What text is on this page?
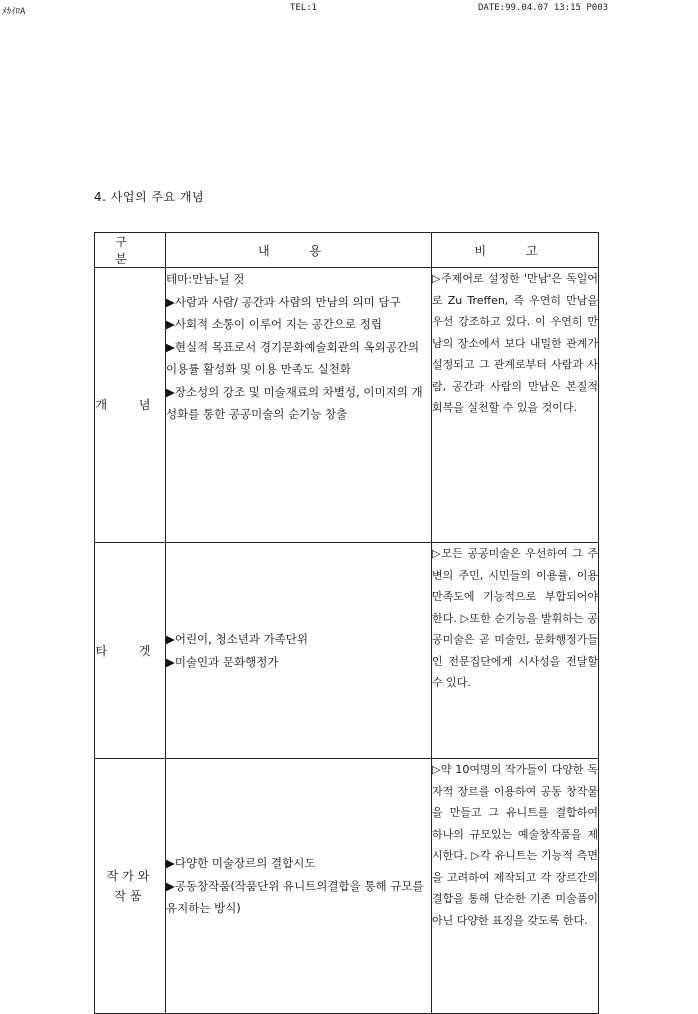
ﾒｶｲﾛA	TEL:1	DATE:99.04.07 13:15 P003
4. 사업의 주요 개념
구 분	내 용	비 고
개 념	테마:만남-닐 것
▶사람과 사람/ 공간과 사람의 만남의 의미 담구
▶사회적 소통이 이루어 지는 공간으로 정립
▶현실적 목표로서 경기문화예술회관의 옥외공간의 이용률 활성화 및 이용 만족도 실천화
▶장소성의 강조 및 미술재료의 차별성, 이미지의 개성화를 통한 공공미술의 순기능 창출	▷주제어로 설정한 '만남'은 독일어로 Zu Treffen, 즉 우연히 만남을 우선 강조하고 있다. 이 우연히 만남의 장소에서 보다 내밀한 관계가 설정되고 그 관계로부터 사람과 사람, 공간과 사람의 만남은 본질적 회복을 실천할 수 있을 것이다.
타 겟	▶어린이, 청소년과 가족단위
▶미술인과 문화행정가	▷모든 공공미술은 우선하여 그 주변의 주민, 시민들의 이용률, 이용만족도에 기능적으로 부합되어야 한다. ▷또한 순기능을 발휘하는 공공미술은 곧 미술인, 문화행정가들인 전문집단에게 시사성을 전달할 수 있다.
작가와 작품	▶다양한 미술장르의 결합시도
▶공동창작품(작품단위 유니트의결합을 통해 규모를 유지하는 방식)	▷약 10여명의 작가들이 다양한 독자적 장르를 이용하여 공동 창작물을 만들고 그 유니트를 결합하여 하나의 규모있는 예술창작품을 제시한다. ▷각 유니트는 기능적 측면을 고려하여 제작되고 각 장르간의 결합을 통해 단순한 기존 미술품이 아닌 다양한 표징을 갖도록 한다.
